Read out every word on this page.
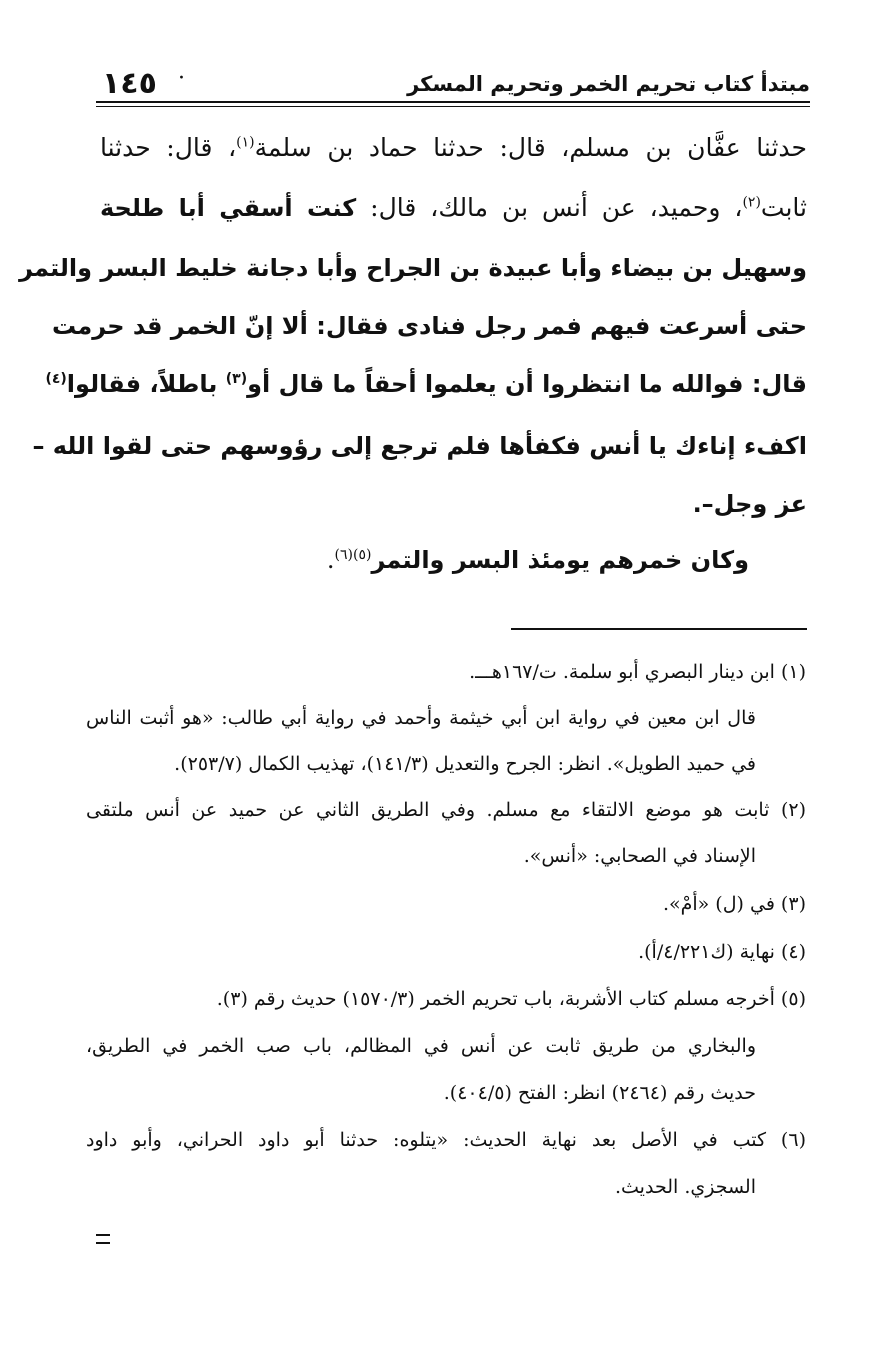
مبتدأ كتاب تحريم الخمر وتحريم المسكر
·
١٤٥
حدثنا عفَّان بن مسلم، قال: حدثنا حماد بن سلمة$^{(١)}$، قال: حدثنا
ثابت$^{(٢)}$، وحميد، عن أنس بن مالك، قال: كنت أسقي أبا طلحة
وسهيل بن بيضاء وأبا عبيدة بن الجراح وأبا دجانة خليط البسر والتمر
حتى أسرعت فيهم فمر رجل فنادى فقال: ألا إنّ الخمر قد حرمت
قال: فوالله ما انتظروا أن يعلموا أحقاً ما قال أو$^{(٣)}$ باطلاً، فقالوا$^{(٤)}$
اكفء إناءك يا أنس فكفأها فلم ترجع إلى رؤوسهم حتى لقوا الله –
عز وجل–.
وكان خمرهم يومئذ البسر والتمر$^{(٥)(٦)}$.
(١) ابن دينار البصري أبو سلمة. ت/١٦٧هـــ.
قال ابن معين في رواية ابن أبي خيثمة وأحمد في رواية أبي طالب: «هو أثبت الناس
في حميد الطويل». انظر: الجرح والتعديل (١٤١/٣)، تهذيب الكمال (٢٥٣/٧).
(٢) ثابت هو موضع الالتقاء مع مسلم. وفي الطريق الثاني عن حميد عن أنس ملتقى
الإسناد في الصحابي: «أنس».
(٣) في (ل) «أمْ».
(٤) نهاية (ك٤/٢٢١/أ).
(٥) أخرجه مسلم كتاب الأشربة، باب تحريم الخمر (١٥٧٠/٣) حديث رقم (٣).
والبخاري من طريق ثابت عن أنس في المظالم، باب صب الخمر في الطريق،
حديث رقم (٢٤٦٤) انظر: الفتح (٤٠٤/٥).
(٦) كتب في الأصل بعد نهاية الحديث: «يتلوه: حدثنا أبو داود الحراني، وأبو داود
السجزي. الحديث.
